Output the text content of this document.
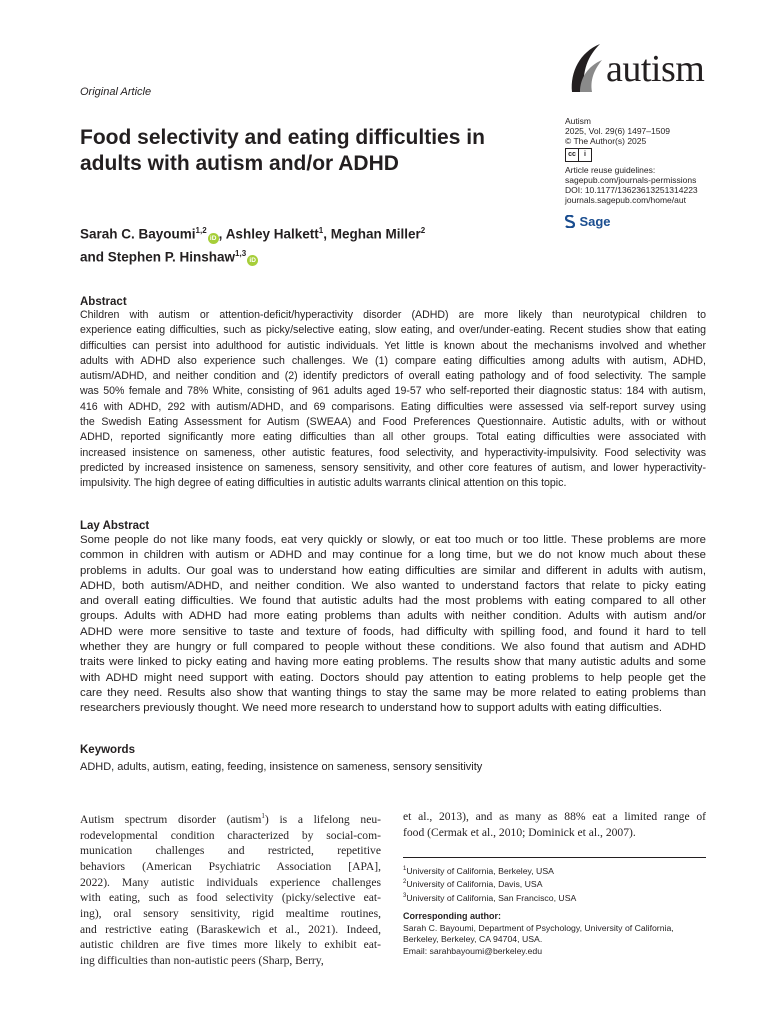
Original Article
autism
Autism
2025, Vol. 29(6) 1497–1509
© The Author(s) 2025
cc	i
Article reuse guidelines:
sagepub.com/journals-permissions
DOI: 10.1177/13623613251314223
journals.sagepub.com/home/aut
Sage
Food selectivity and eating difficulties in
adults with autism and/or ADHD
Sarah C. Bayoumi$^{1,2}$iD , Ashley Halkett$^1$, Meghan Miller$^2$
and Stephen P. Hinshaw$^{1,3}$iD
Abstract
Children with autism or attention-deficit/hyperactivity disorder (ADHD) are more likely than neurotypical children to
experience eating difficulties, such as picky/selective eating, slow eating, and over/under-eating. Recent studies show that eating
difficulties can persist into adulthood for autistic individuals. Yet little is known about the mechanisms involved and whether
adults with ADHD also experience such challenges. We (1) compare eating difficulties among adults with autism, ADHD,
autism/ADHD, and neither condition and (2) identify predictors of overall eating pathology and of food selectivity. The sample
was 50% female and 78% White, consisting of 961 adults aged 19-57 who self-reported their diagnostic status: 184 with autism,
416 with ADHD, 292 with autism/ADHD, and 69 comparisons. Eating difficulties were assessed via self-report survey using
the Swedish Eating Assessment for Autism (SWEAA) and Food Preferences Questionnaire. Autistic adults, with or without
ADHD, reported significantly more eating difficulties than all other groups. Total eating difficulties were associated with
increased insistence on sameness, other autistic features, food selectivity, and hyperactivity-impulsivity. Food selectivity was
predicted by increased insistence on sameness, sensory sensitivity, and other core features of autism, and lower hyperactivity-
impulsivity. The high degree of eating difficulties in autistic adults warrants clinical attention on this topic.
Lay Abstract
Some people do not like many foods, eat very quickly or slowly, or eat too much or too little. These problems are more
common in children with autism or ADHD and may continue for a long time, but we do not know much about these
problems in adults. Our goal was to understand how eating difficulties are similar and different in adults with autism,
ADHD, both autism/ADHD, and neither condition. We also wanted to understand factors that relate to picky eating
and overall eating difficulties. We found that autistic adults had the most problems with eating compared to all other
groups. Adults with ADHD had more eating problems than adults with neither condition. Adults with autism and/or
ADHD were more sensitive to taste and texture of foods, had difficulty with spilling food, and found it hard to tell
whether they are hungry or full compared to people without these conditions. We also found that autism and ADHD
traits were linked to picky eating and having more eating problems. The results show that many autistic adults and some
with ADHD might need support with eating. Doctors should pay attention to eating problems to help people get the
care they need. Results also show that wanting things to stay the same may be more related to eating problems than
researchers previously thought. We need more research to understand how to support adults with eating difficulties.
Keywords
ADHD, adults, autism, eating, feeding, insistence on sameness, sensory sensitivity
Autism spectrum disorder (autism$^1$) is a lifelong neu-
rodevelopmental condition characterized by social-com-
munication challenges and restricted, repetitive
behaviors (American Psychiatric Association [APA],
2022). Many autistic individuals experience challenges
with eating, such as food selectivity (picky/selective eat-
ing), oral sensory sensitivity, rigid mealtime routines,
and restrictive eating (Baraskewich et al., 2021). Indeed,
autistic children are five times more likely to exhibit eat-
ing difficulties than non-autistic peers (Sharp, Berry,
et al., 2013), and as many as 88% eat a limited range of
food (Cermak et al., 2010; Dominick et al., 2007).
$^1$University of California, Berkeley, USA
$^2$University of California, Davis, USA
$^3$University of California, San Francisco, USA
Corresponding author:
Sarah C. Bayoumi, Department of Psychology, University of California,
Berkeley, Berkeley, CA 94704, USA.
Email: sarahbayoumi@berkeley.edu
